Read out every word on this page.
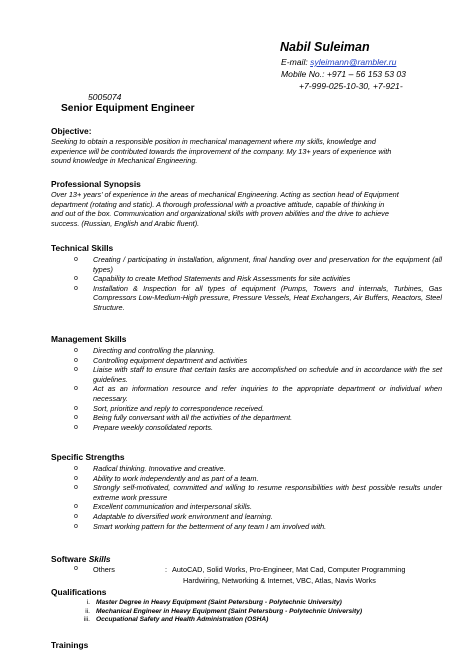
Nabil Suleiman
E-mail: syleimann@rambler.ru
Mobile No.: +971 – 56 153 53 03
+7-999-025-10-30, +7-921-
5005074
Senior Equipment Engineer
Objective:
Seeking to obtain a responsible position in mechanical management where my skills, knowledge and
experience will be contributed towards the improvement of the company. My 13+ years of experience with
sound knowledge in Mechanical Engineering.
Professional Synopsis
Over 13+ years' of experience in the areas of mechanical Engineering. Acting as section head of Equipment
department (rotating and static). A thorough professional with a proactive attitude, capable of thinking in
and out of the box. Communication and organizational skills with proven abilities and the drive to achieve
success. (Russian, English and Arabic fluent).
Technical Skills
o Creating / participating in installation, alignment, final handing over and preservation for the equipment (all types)
o Capability to create Method Statements and Risk Assessments for site activities
o Installation & Inspection for all types of equipment (Pumps, Towers and internals, Turbines, Gas Compressors Low-Medium-High pressure, Pressure Vessels, Heat Exchangers, Air Buffers, Reactors, Steel Structure.
Management Skills
o Directing and controlling the planning.
o Controlling equipment department and activities
o Liaise with staff to ensure that certain tasks are accomplished on schedule and in accordance with the set guidelines.
o Act as an information resource and refer inquiries to the appropriate department or individual when necessary.
o Sort, prioritize and reply to correspondence received.
o Being fully conversant with all the activities of the department.
o Prepare weekly consolidated reports.
Specific Strengths
o Radical thinking. Innovative and creative.
o Ability to work independently and as part of a team.
o Strongly self-motivated, committed and willing to resume responsibilities with best possible results under extreme work pressure
o Excellent communication and interpersonal skills.
o Adaptable to diversified work environment and learning.
o Smart working pattern for the betterment of any team I am involved with.
Software Skills
o Others	: AutoCAD, Solid Works, Pro-Engineer, Mat Cad, Computer Programming
Hardwiring, Networking & Internet, VBC, Atlas, Navis Works
Qualifications
i. Master Degree in Heavy Equipment (Saint Petersburg - Polytechnic University)
ii. Mechanical Engineer in Heavy Equipment (Saint Petersburg - Polytechnic University)
iii. Occupational Safety and Health Administration (OSHA)
Trainings
